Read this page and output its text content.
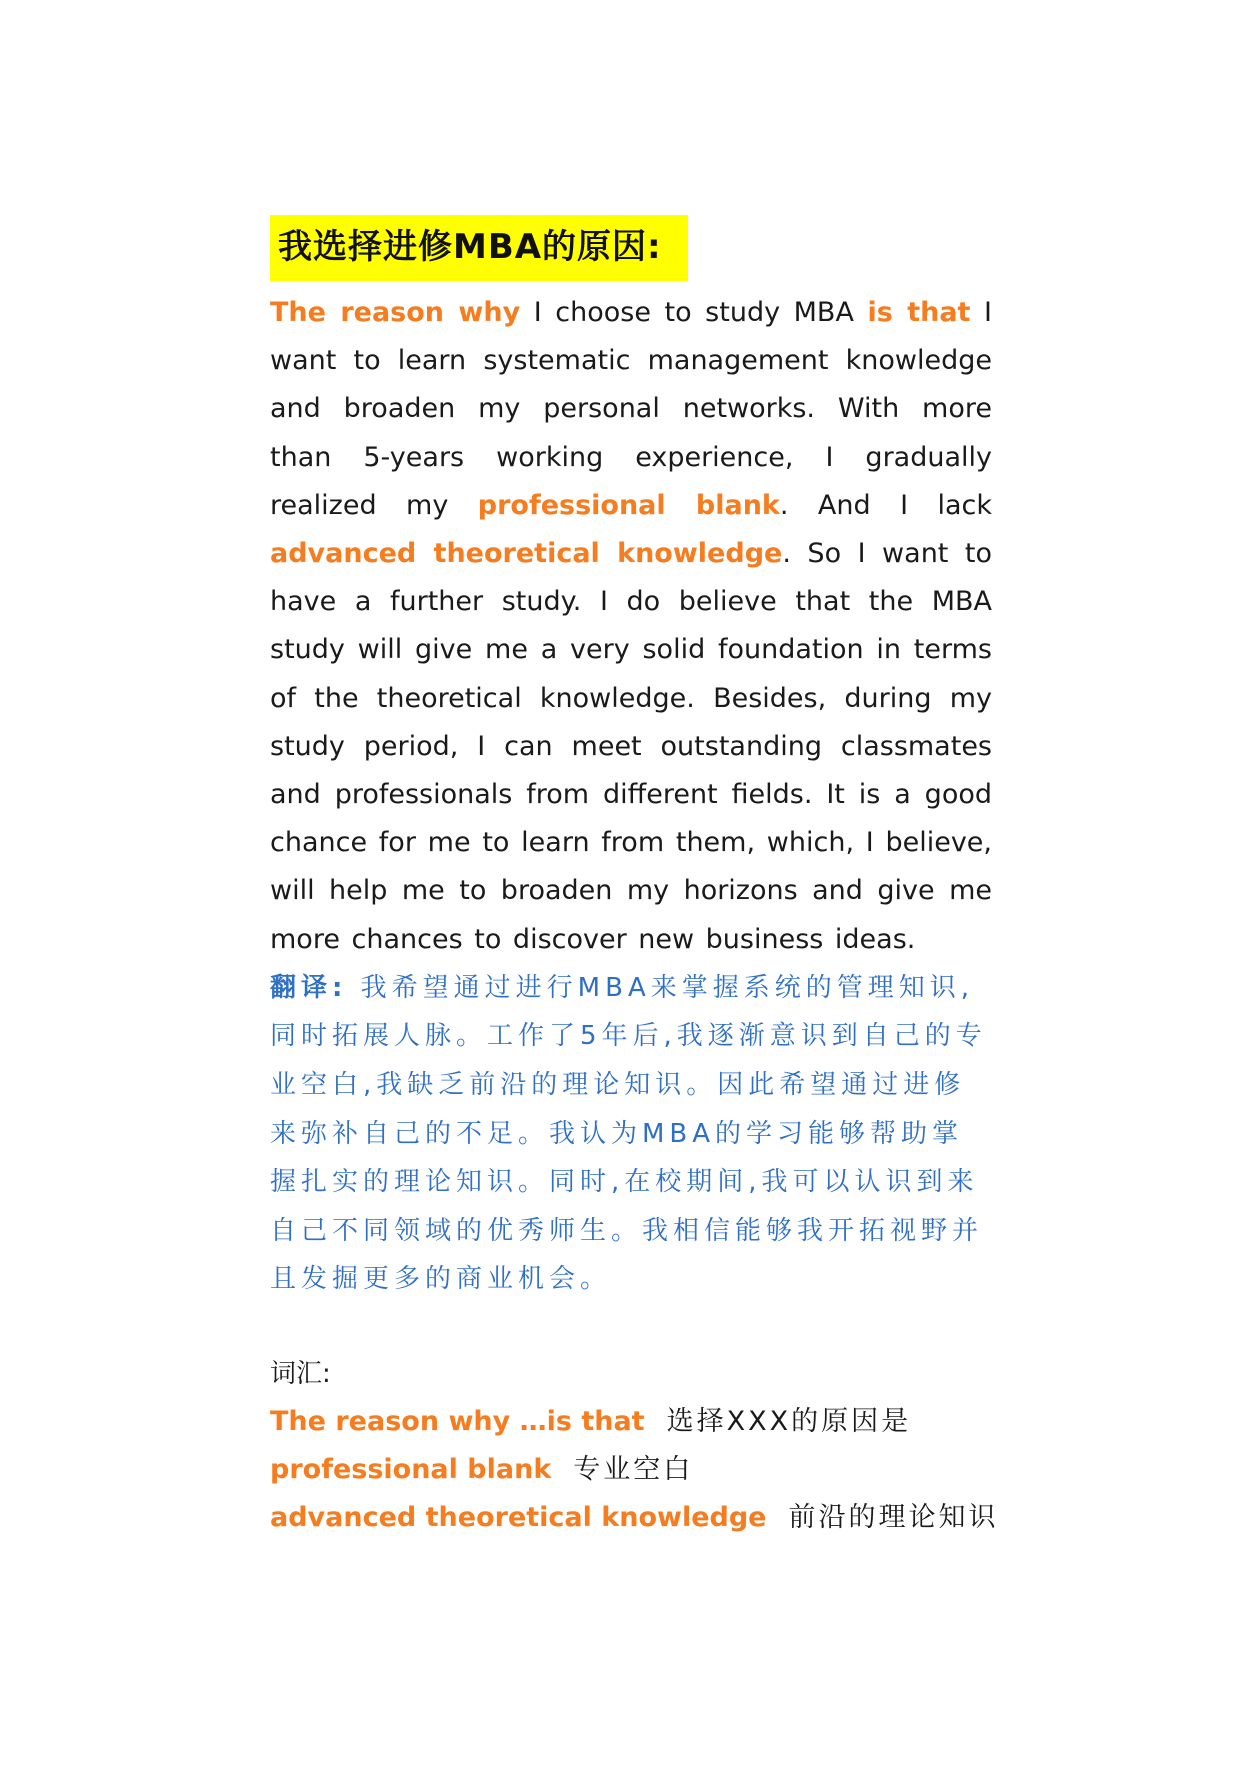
我选择进修MBA的原因:

The reason why I choose to study MBA is that I want to learn systematic management knowledge and broaden my personal networks. With more than 5-years working experience, I gradually realized my professional blank. And I lack advanced theoretical knowledge. So I want to have a further study. I do believe that the MBA study will give me a very solid foundation in terms of the theoretical knowledge. Besides, during my study period, I can meet outstanding classmates and professionals from different fields. It is a good chance for me to learn from them, which, I believe, will help me to broaden my horizons and give me more chances to discover new business ideas.

翻译: 我希望通过进行MBA来掌握系统的管理知识,同时拓展人脉。工作了5年后,我逐渐意识到自己的专业空白,我缺乏前沿的理论知识。因此希望通过进修来弥补自己的不足。我认为MBA的学习能够帮助掌握扎实的理论知识。同时,在校期间,我可以认识到来自己不同领域的优秀师生。我相信能够我开拓视野并且发掘更多的商业机会。

词汇:
The reason why …is that 选择XXX的原因是
professional blank 专业空白
advanced theoretical knowledge 前沿的理论知识
